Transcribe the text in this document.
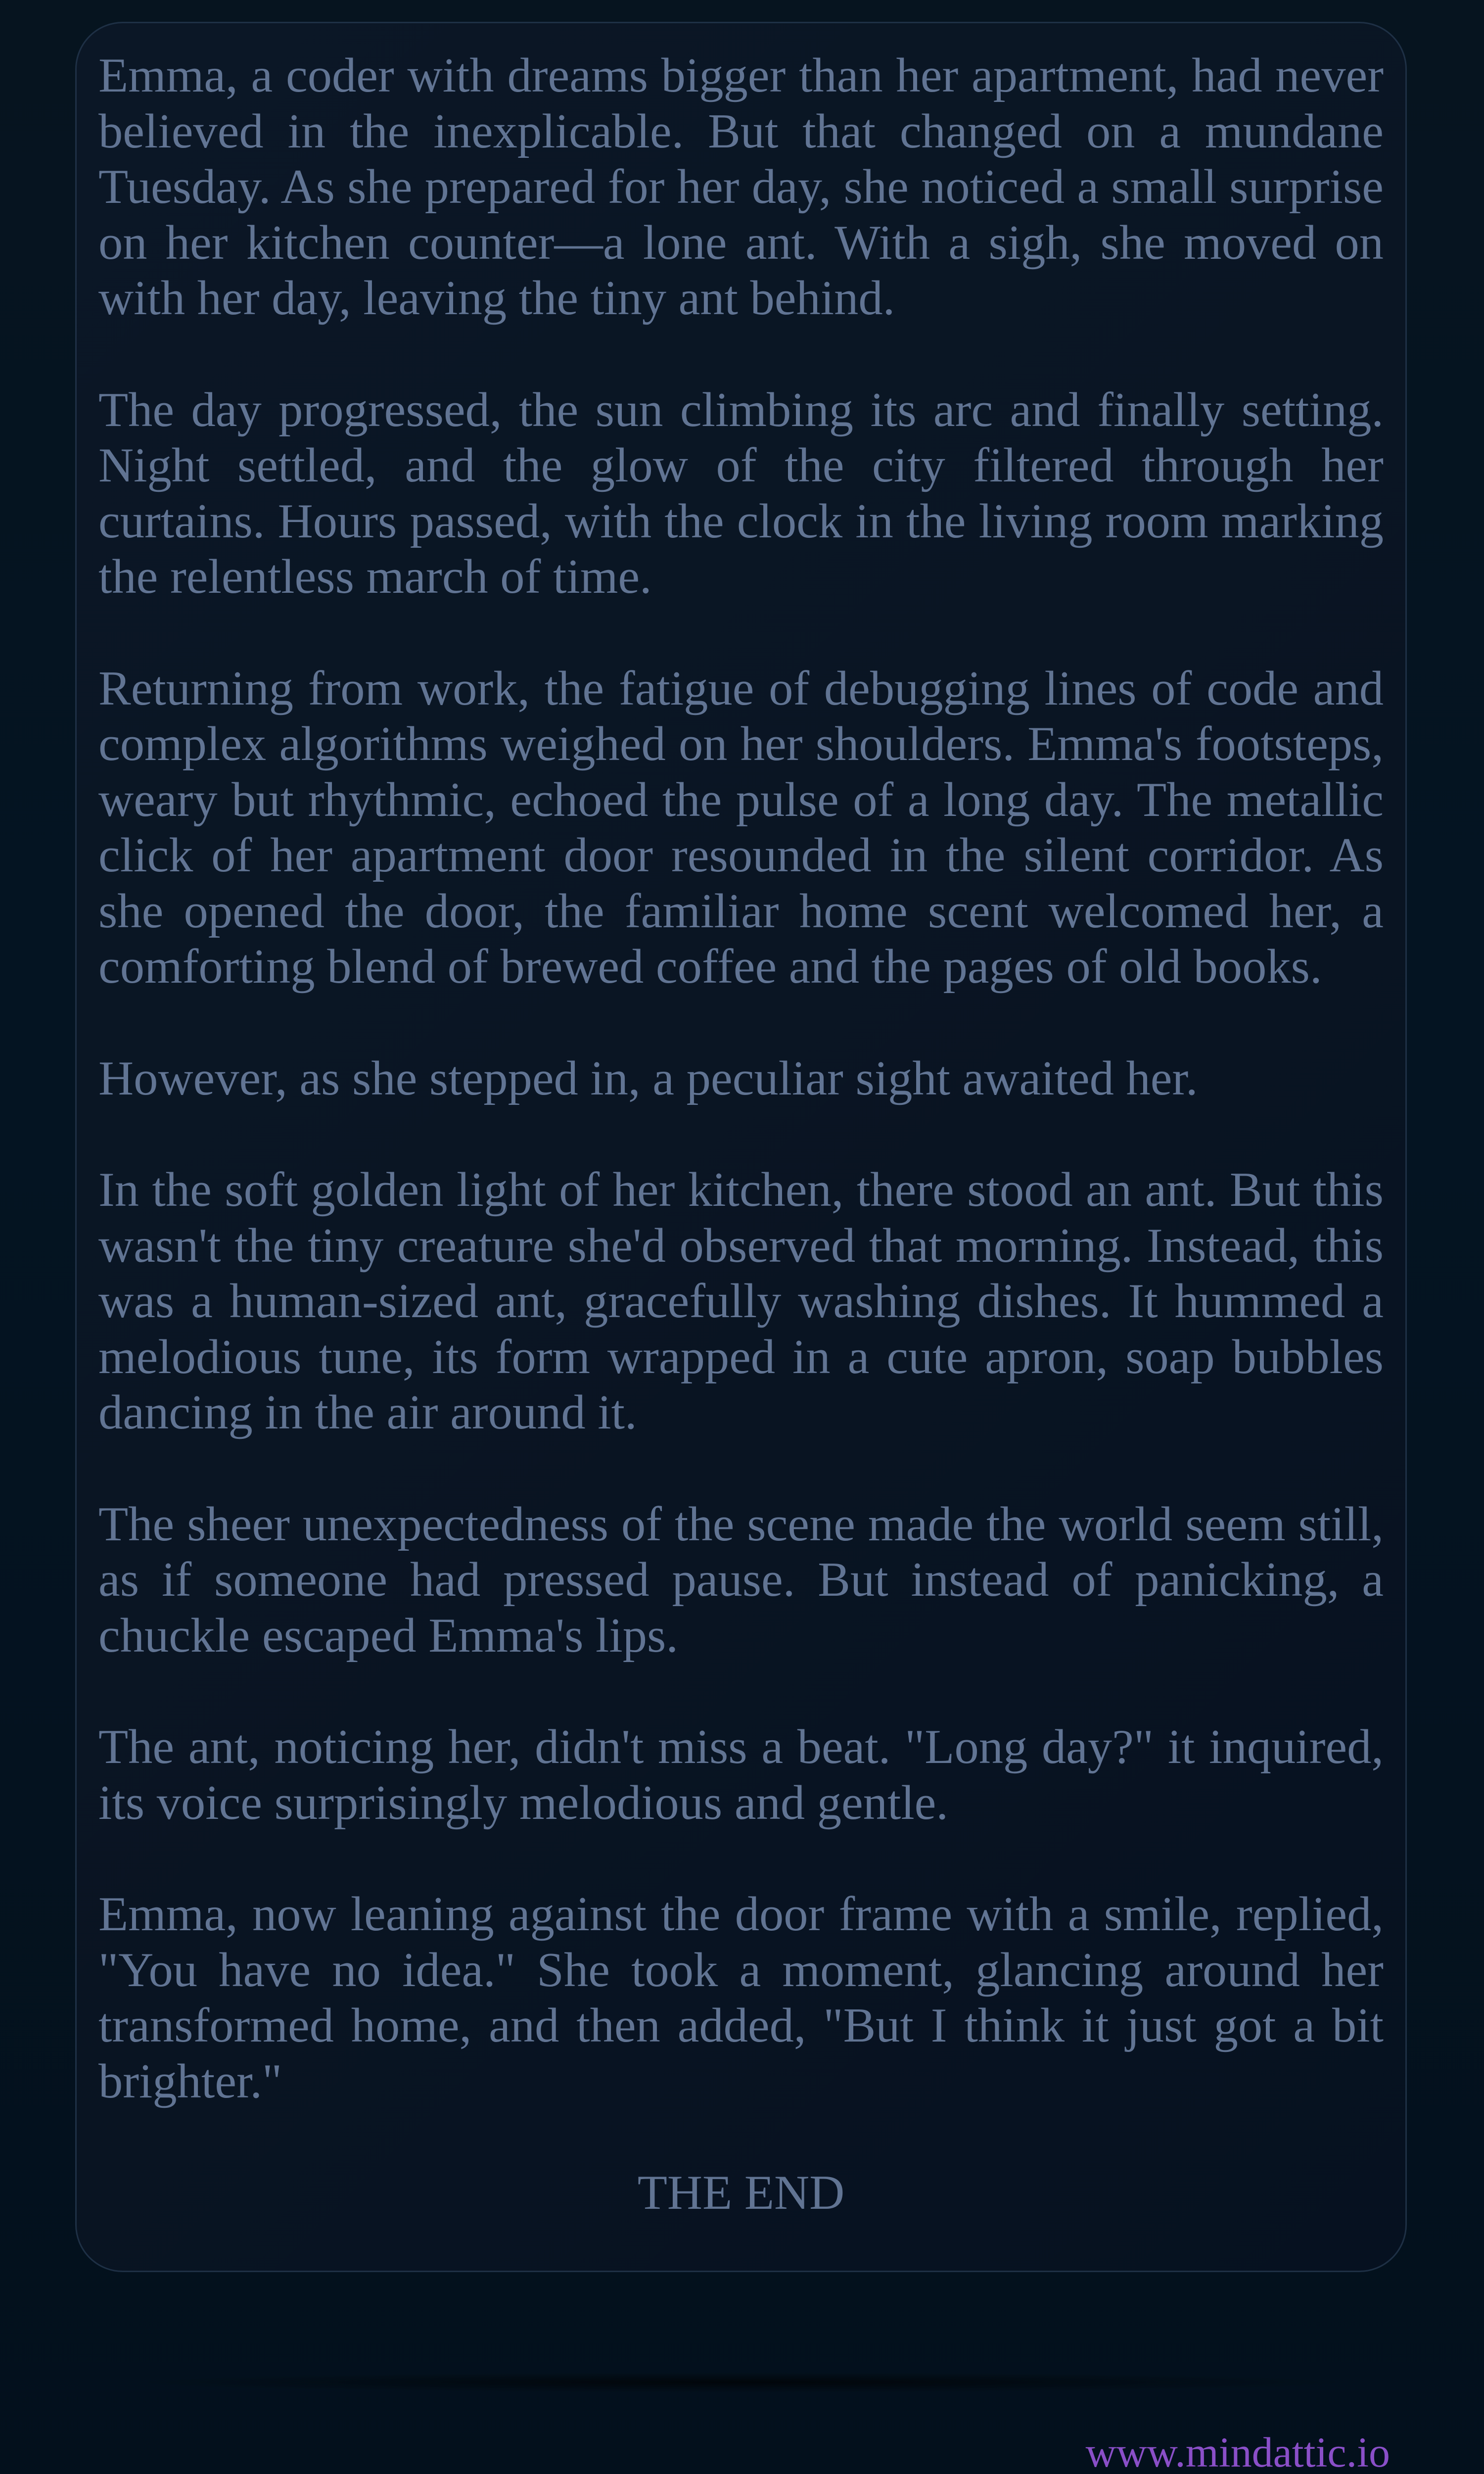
Emma, a coder with dreams bigger than her apartment, had never believed in the inexplicable. But that changed on a mundane Tuesday. As she prepared for her day, she noticed a small surprise on her kitchen counter—a lone ant. With a sigh, she moved on with her day, leaving the tiny ant behind.

The day progressed, the sun climbing its arc and finally setting. Night settled, and the glow of the city filtered through her curtains. Hours passed, with the clock in the living room marking the relentless march of time.

Returning from work, the fatigue of debugging lines of code and complex algorithms weighed on her shoulders. Emma's footsteps, weary but rhythmic, echoed the pulse of a long day. The metallic click of her apartment door resounded in the silent corridor. As she opened the door, the familiar home scent welcomed her, a comforting blend of brewed coffee and the pages of old books.

However, as she stepped in, a peculiar sight awaited her.

In the soft golden light of her kitchen, there stood an ant. But this wasn't the tiny creature she'd observed that morning. Instead, this was a human-sized ant, gracefully washing dishes. It hummed a melodious tune, its form wrapped in a cute apron, soap bubbles dancing in the air around it.

The sheer unexpectedness of the scene made the world seem still, as if someone had pressed pause. But instead of panicking, a chuckle escaped Emma's lips.

The ant, noticing her, didn't miss a beat. "Long day?" it inquired, its voice surprisingly melodious and gentle.

Emma, now leaning against the door frame with a smile, replied, "You have no idea." She took a moment, glancing around her transformed home, and then added, "But I think it just got a bit brighter."

THE END

www.mindattic.io
